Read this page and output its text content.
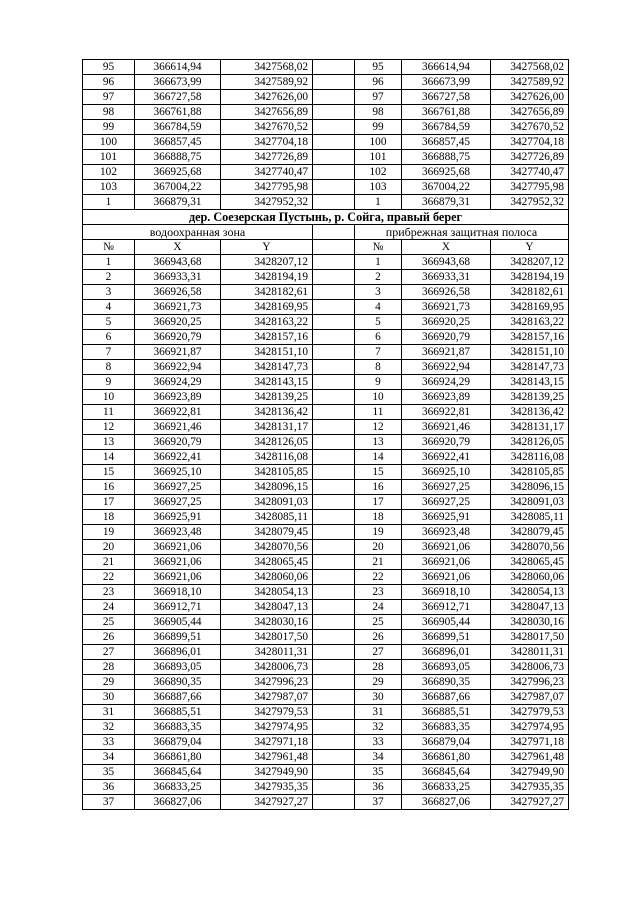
95	366614,94	3427568,02		95	366614,94	3427568,02
96	366673,99	3427589,92		96	366673,99	3427589,92
97	366727,58	3427626,00		97	366727,58	3427626,00
98	366761,88	3427656,89		98	366761,88	3427656,89
99	366784,59	3427670,52		99	366784,59	3427670,52
100	366857,45	3427704,18		100	366857,45	3427704,18
101	366888,75	3427726,89		101	366888,75	3427726,89
102	366925,68	3427740,47		102	366925,68	3427740,47
103	367004,22	3427795,98		103	367004,22	3427795,98
1	366879,31	3427952,32		1	366879,31	3427952,32
дер. Соезерская Пустынь, р. Сойга, правый берег						
водоохранная зона				прибрежная защитная полоса		
№	X	Y		№	X	Y
1	366943,68	3428207,12		1	366943,68	3428207,12
2	366933,31	3428194,19		2	366933,31	3428194,19
3	366926,58	3428182,61		3	366926,58	3428182,61
4	366921,73	3428169,95		4	366921,73	3428169,95
5	366920,25	3428163,22		5	366920,25	3428163,22
6	366920,79	3428157,16		6	366920,79	3428157,16
7	366921,87	3428151,10		7	366921,87	3428151,10
8	366922,94	3428147,73		8	366922,94	3428147,73
9	366924,29	3428143,15		9	366924,29	3428143,15
10	366923,89	3428139,25		10	366923,89	3428139,25
11	366922,81	3428136,42		11	366922,81	3428136,42
12	366921,46	3428131,17		12	366921,46	3428131,17
13	366920,79	3428126,05		13	366920,79	3428126,05
14	366922,41	3428116,08		14	366922,41	3428116,08
15	366925,10	3428105,85		15	366925,10	3428105,85
16	366927,25	3428096,15		16	366927,25	3428096,15
17	366927,25	3428091,03		17	366927,25	3428091,03
18	366925,91	3428085,11		18	366925,91	3428085,11
19	366923,48	3428079,45		19	366923,48	3428079,45
20	366921,06	3428070,56		20	366921,06	3428070,56
21	366921,06	3428065,45		21	366921,06	3428065,45
22	366921,06	3428060,06		22	366921,06	3428060,06
23	366918,10	3428054,13		23	366918,10	3428054,13
24	366912,71	3428047,13		24	366912,71	3428047,13
25	366905,44	3428030,16		25	366905,44	3428030,16
26	366899,51	3428017,50		26	366899,51	3428017,50
27	366896,01	3428011,31		27	366896,01	3428011,31
28	366893,05	3428006,73		28	366893,05	3428006,73
29	366890,35	3427996,23		29	366890,35	3427996,23
30	366887,66	3427987,07		30	366887,66	3427987,07
31	366885,51	3427979,53		31	366885,51	3427979,53
32	366883,35	3427974,95		32	366883,35	3427974,95
33	366879,04	3427971,18		33	366879,04	3427971,18
34	366861,80	3427961,48		34	366861,80	3427961,48
35	366845,64	3427949,90		35	366845,64	3427949,90
36	366833,25	3427935,35		36	366833,25	3427935,35
37	366827,06	3427927,27		37	366827,06	3427927,27
